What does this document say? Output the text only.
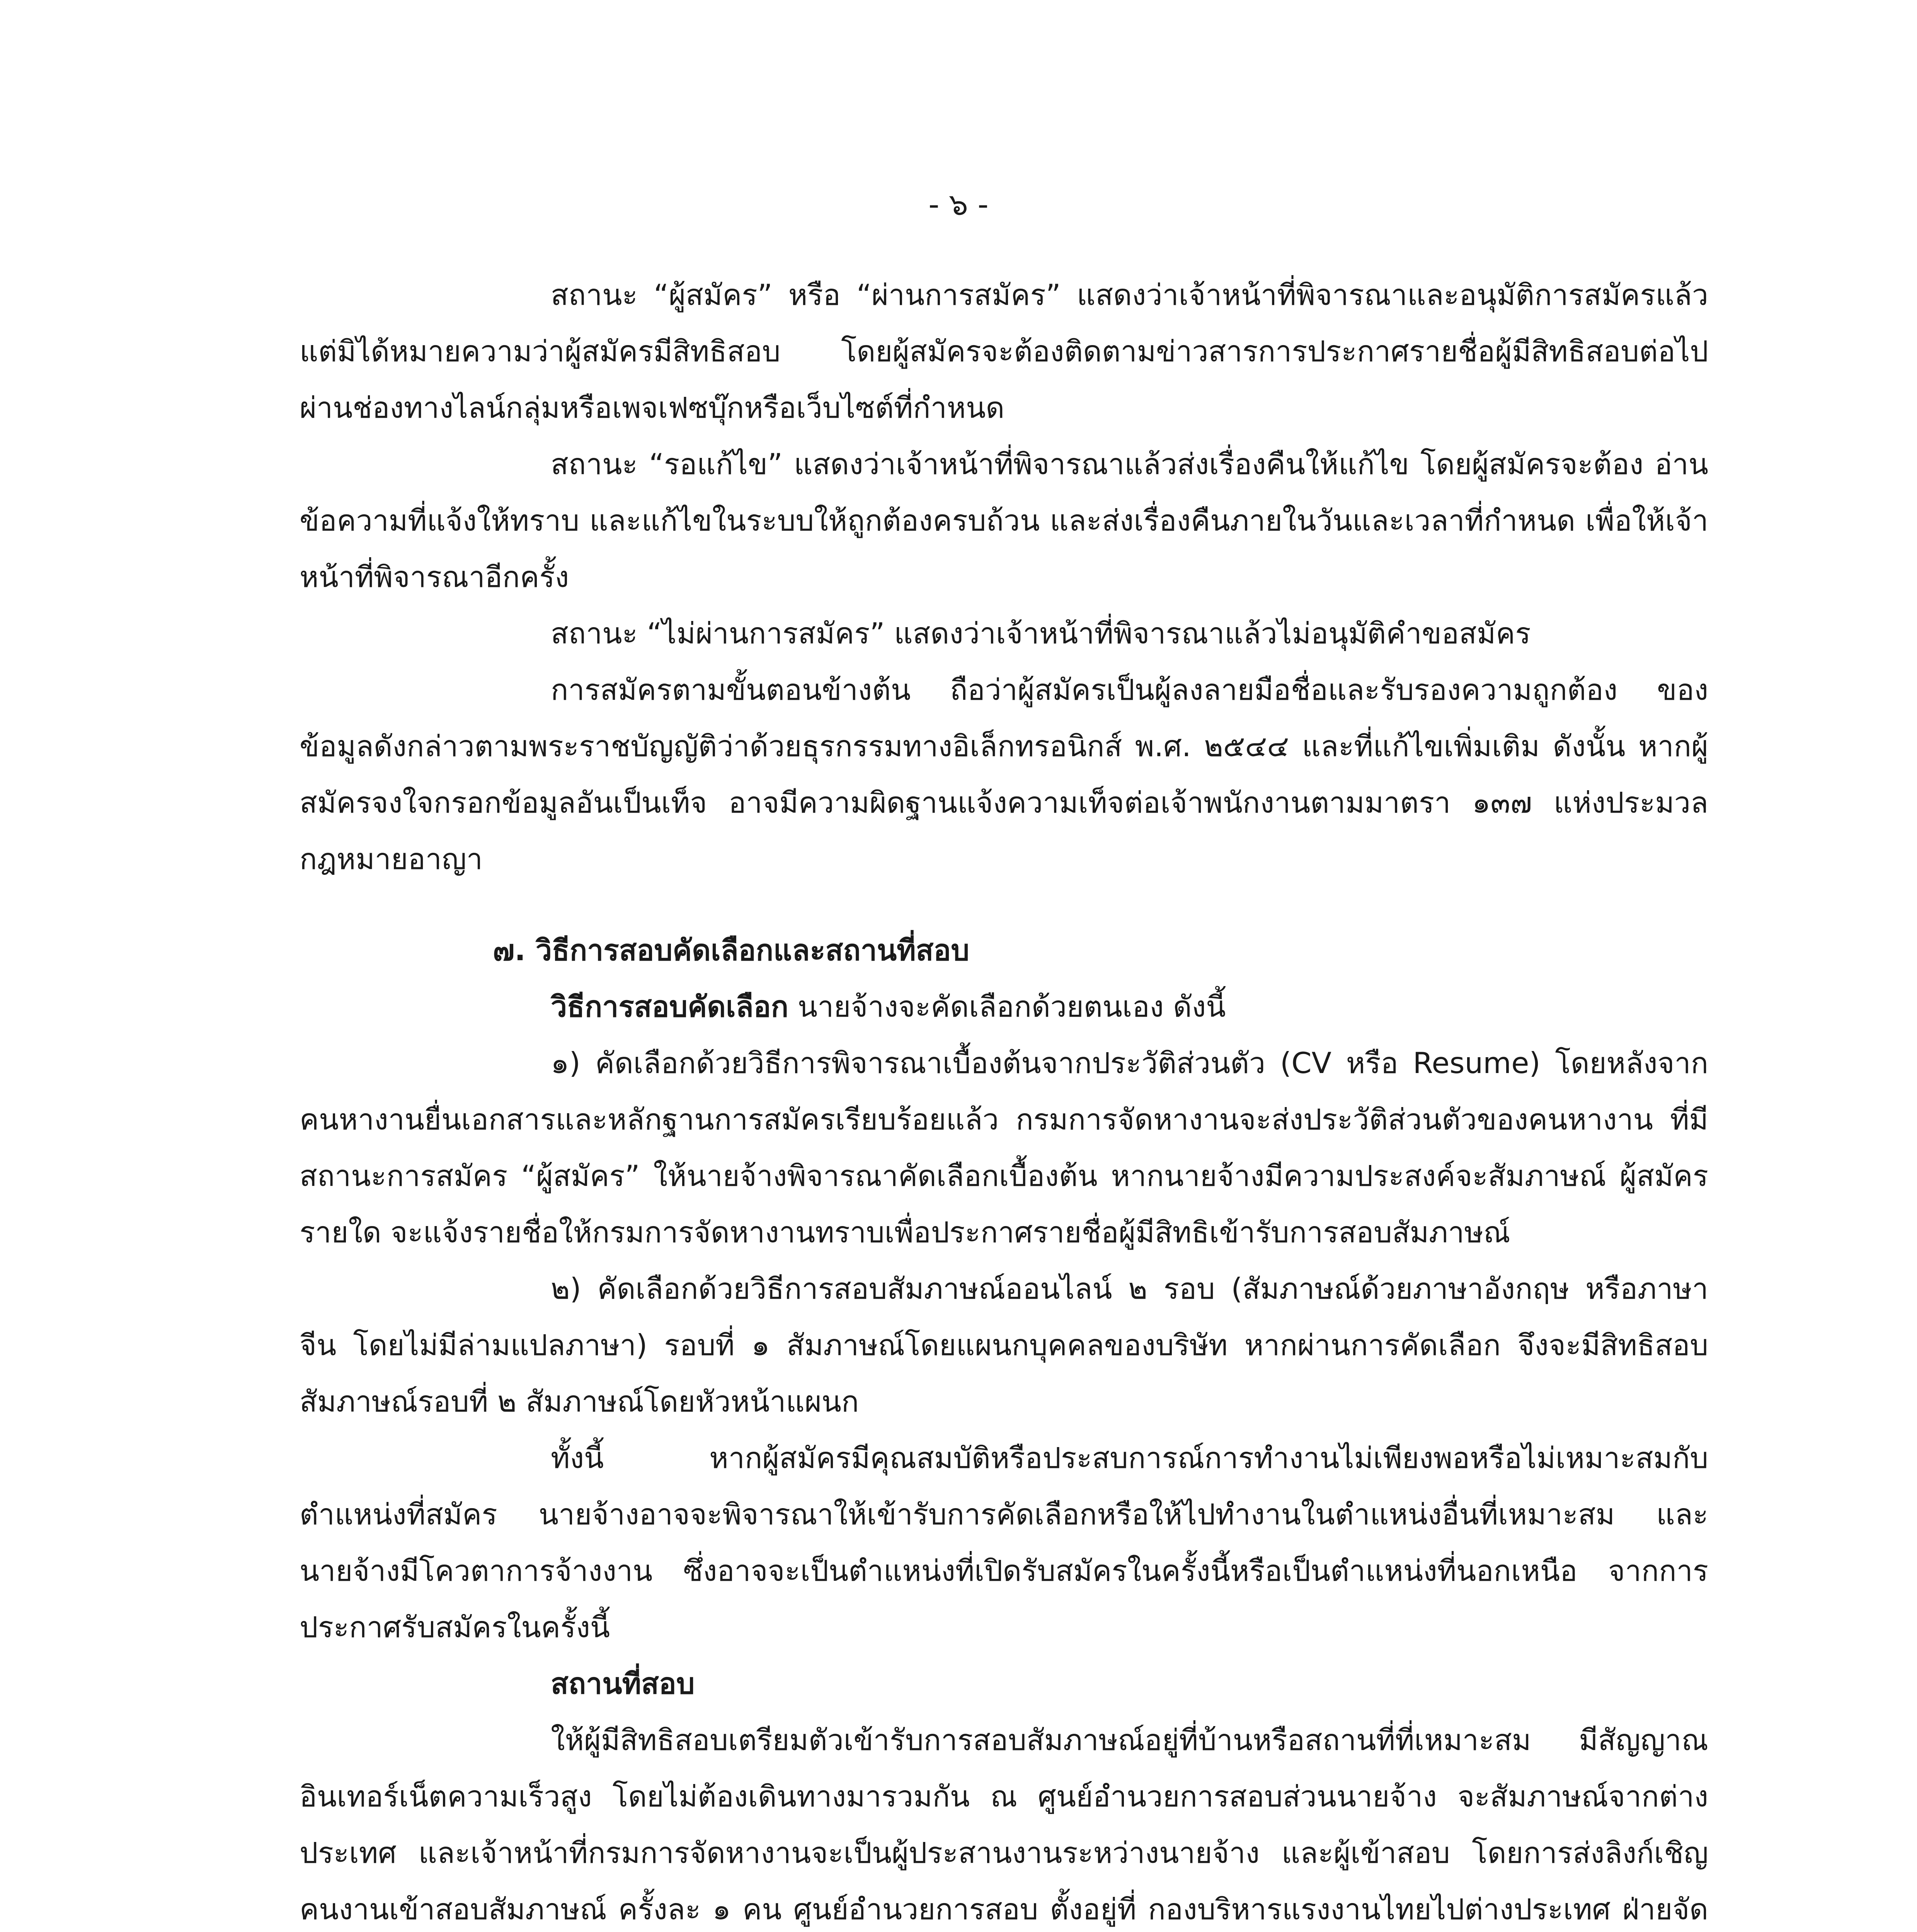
- ๖ -

สถานะ “ผู้สมัคร” หรือ “ผ่านการสมัคร” แสดงว่าเจ้าหน้าที่พิจารณาและอนุมัติการสมัครแล้ว แต่มิได้หมายความว่าผู้สมัครมีสิทธิสอบ โดยผู้สมัครจะต้องติดตามข่าวสารการประกาศรายชื่อผู้มีสิทธิสอบต่อไป ผ่านช่องทางไลน์กลุ่มหรือเพจเฟซบุ๊กหรือเว็บไซต์ที่กำหนด

สถานะ “รอแก้ไข” แสดงว่าเจ้าหน้าที่พิจารณาแล้วส่งเรื่องคืนให้แก้ไข โดยผู้สมัครจะต้อง อ่านข้อความที่แจ้งให้ทราบ และแก้ไขในระบบให้ถูกต้องครบถ้วน และส่งเรื่องคืนภายในวันและเวลาที่กำหนด เพื่อให้เจ้าหน้าที่พิจารณาอีกครั้ง

สถานะ “ไม่ผ่านการสมัคร” แสดงว่าเจ้าหน้าที่พิจารณาแล้วไม่อนุมัติคำขอสมัคร

การสมัครตามขั้นตอนข้างต้น ถือว่าผู้สมัครเป็นผู้ลงลายมือชื่อและรับรองความถูกต้อง ของข้อมูลดังกล่าวตามพระราชบัญญัติว่าด้วยธุรกรรมทางอิเล็กทรอนิกส์ พ.ศ. ๒๕๔๔ และที่แก้ไขเพิ่มเติม ดังนั้น หากผู้สมัครจงใจกรอกข้อมูลอันเป็นเท็จ อาจมีความผิดฐานแจ้งความเท็จต่อเจ้าพนักงานตามมาตรา ๑๓๗ แห่งประมวลกฎหมายอาญา

๗. วิธีการสอบคัดเลือกและสถานที่สอบ

วิธีการสอบคัดเลือก นายจ้างจะคัดเลือกด้วยตนเอง ดังนี้

๑) คัดเลือกด้วยวิธีการพิจารณาเบื้องต้นจากประวัติส่วนตัว (CV หรือ Resume) โดยหลังจาก คนหางานยื่นเอกสารและหลักฐานการสมัครเรียบร้อยแล้ว กรมการจัดหางานจะส่งประวัติส่วนตัวของคนหางาน ที่มีสถานะการสมัคร “ผู้สมัคร” ให้นายจ้างพิจารณาคัดเลือกเบื้องต้น หากนายจ้างมีความประสงค์จะสัมภาษณ์ ผู้สมัครรายใด จะแจ้งรายชื่อให้กรมการจัดหางานทราบเพื่อประกาศรายชื่อผู้มีสิทธิเข้ารับการสอบสัมภาษณ์

๒) คัดเลือกด้วยวิธีการสอบสัมภาษณ์ออนไลน์ ๒ รอบ (สัมภาษณ์ด้วยภาษาอังกฤษ หรือภาษาจีน โดยไม่มีล่ามแปลภาษา) รอบที่ ๑ สัมภาษณ์โดยแผนกบุคคลของบริษัท หากผ่านการคัดเลือก จึงจะมีสิทธิสอบสัมภาษณ์รอบที่ ๒ สัมภาษณ์โดยหัวหน้าแผนก

ทั้งนี้ หากผู้สมัครมีคุณสมบัติหรือประสบการณ์การทำงานไม่เพียงพอหรือไม่เหมาะสมกับ ตำแหน่งที่สมัคร นายจ้างอาจจะพิจารณาให้เข้ารับการคัดเลือกหรือให้ไปทำงานในตำแหน่งอื่นที่เหมาะสม และนายจ้างมีโควตาการจ้างงาน ซึ่งอาจจะเป็นตำแหน่งที่เปิดรับสมัครในครั้งนี้หรือเป็นตำแหน่งที่นอกเหนือ จากการประกาศรับสมัครในครั้งนี้

สถานที่สอบ

ให้ผู้มีสิทธิสอบเตรียมตัวเข้ารับการสอบสัมภาษณ์อยู่ที่บ้านหรือสถานที่ที่เหมาะสม มีสัญญาณอินเทอร์เน็ตความเร็วสูง โดยไม่ต้องเดินทางมารวมกัน ณ ศูนย์อำนวยการสอบส่วนนายจ้าง จะสัมภาษณ์จากต่างประเทศ และเจ้าหน้าที่กรมการจัดหางานจะเป็นผู้ประสานงานระหว่างนายจ้าง และผู้เข้าสอบ โดยการส่งลิงก์เชิญคนงานเข้าสอบสัมภาษณ์ ครั้งละ ๑ คน ศูนย์อำนวยการสอบ ตั้งอยู่ที่ กองบริหารแรงงานไทยไปต่างประเทศ ฝ่ายจัด
